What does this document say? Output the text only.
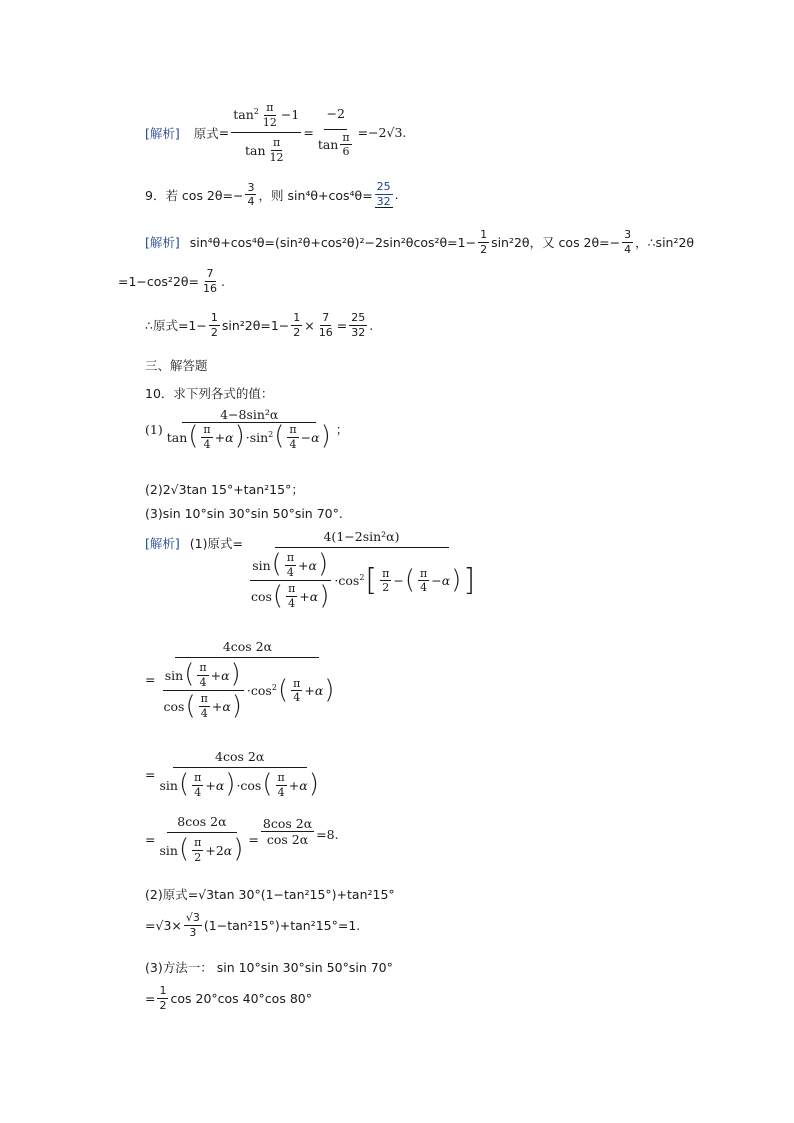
[解析] 原式 = $\frac{\tan^2 \frac{\pi}{12} -1}{\tan \frac{\pi}{12}} = \frac{-2}{\tan \frac{\pi}{6}} =-2√3$.
9．若 $\cos 2\theta=- \frac{3}{4}$ ，则 $\sin^4\theta+\cos^4\theta= \frac{25}{32}$ .
[解析] $\sin^4\theta+\cos^4\theta=(\sin^2\theta+\cos^2\theta)^2-2\sin^2\theta\cos^2\theta=1- \frac{1}{2} \sin^22\theta$，又 $\cos 2\theta=- \frac{3}{4}$ ，∴sin²2θ
$=1-\cos^22\theta= \frac{7}{16}$ .
∴原式 $=1- \frac{1}{2} \sin^22\theta=1- \frac{1}{2} \times \frac{7}{16} = \frac{25}{32}$ .
三、解答题
10．求下列各式的值：
$(1) \frac{\text{4−8sin²α}}{\tan ( \frac{\pi}{4} +\alpha ) \cdot\sin^2 ( \frac{\pi}{4} -\alpha )}$ ；
(2)2√3tan 15°+tan²15°；
(3)sin 10°sin 30°sin 50°sin 70°.
[解析] (1)原式=	4(1−2sin²α)
$\frac{\sin ( \frac{\pi}{4} +\alpha )}{\cos ( \frac{\pi}{4} +\alpha )} \cdot\cos^2$ [ $\frac{\pi}{2}$ − ( $\frac{\pi}{4} -\alpha$ ) ]
= $\frac{4\cos 2\alpha}{\frac{\sin ( \frac{\pi}{4} +\alpha )}{\cos ( \frac{\pi}{4} +\alpha )} \cdot\cos^2 ( \frac{\pi}{4} +\alpha )}$
= $\frac{4\cos 2\alpha}{\sin ( \frac{\pi}{4} +\alpha ) \cdot\cos ( \frac{\pi}{4} +\alpha )}$
= $\frac{8\cos 2\alpha}{\sin ( \frac{\pi}{2} +2\alpha )} = \frac{8\cos 2\alpha}{\cos 2\alpha} =8$.
(2)原式=√3tan 30°(1−tan²15°)+tan²15°
$=√3\times \frac{√3}{3} (1-\tan^215^\circ)+\tan^215^\circ=1$.
(3)方法一： sin 10°sin 30°sin 50°sin 70°
= $\frac{1}{2}$ cos 20°cos 40°cos 80°
